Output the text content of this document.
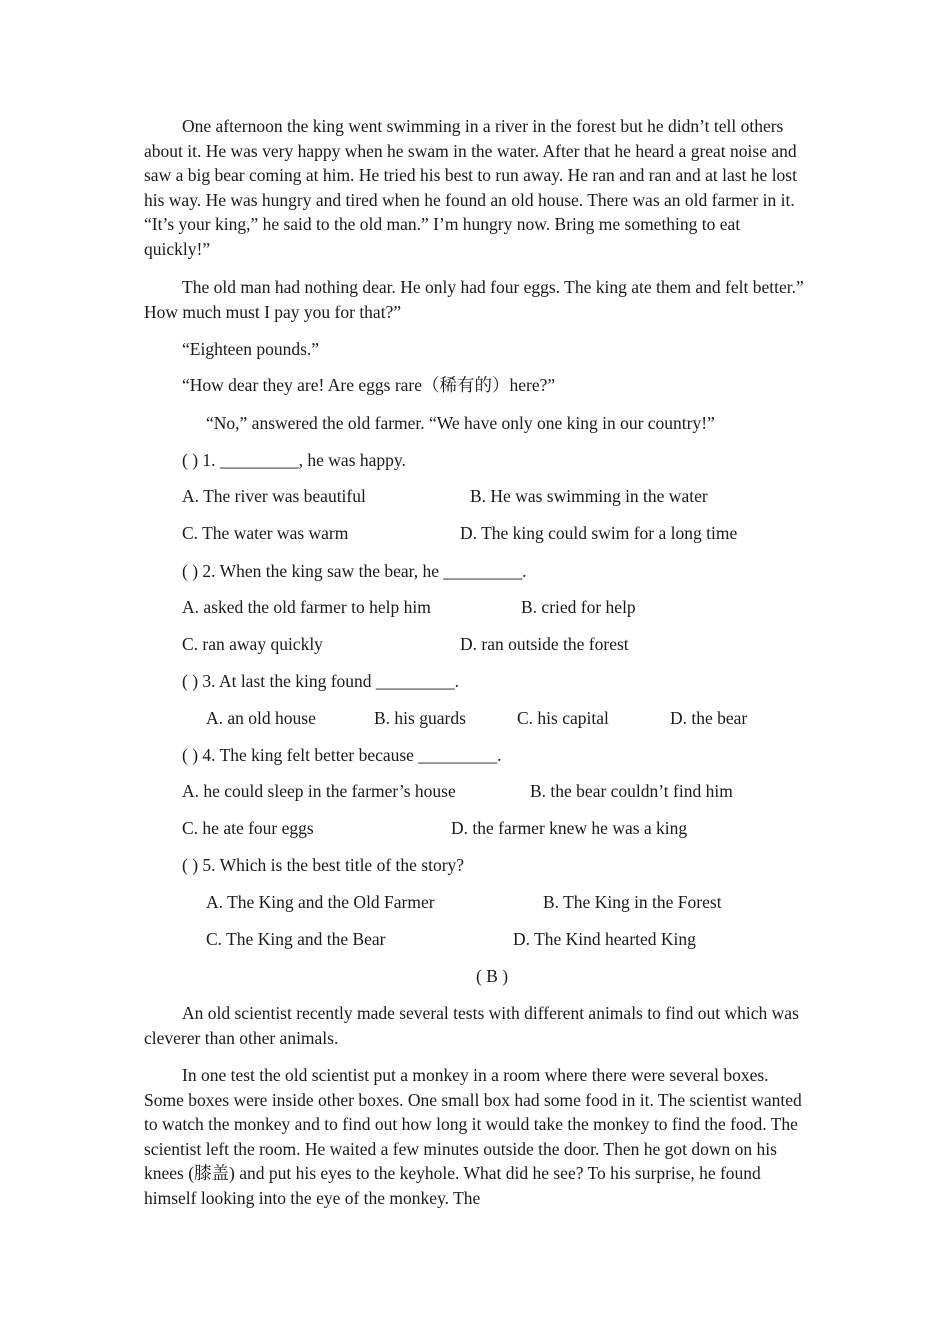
One afternoon the king went swimming in a river in the forest but he didn’t tell others about it. He was very happy when he swam in the water. After that he heard a great noise and saw a big bear coming at him. He tried his best to run away. He ran and ran and at last he lost his way. He was hungry and tired when he found an old house. There was an old farmer in it. “It’s your king,” he said to the old man.” I’m hungry now. Bring me something to eat quickly!”

The old man had nothing dear. He only had four eggs. The king ate them and felt better.” How much must I pay you for that?”

“Eighteen pounds.”

“How dear they are! Are eggs rare（稀有的）here?”

“No,” answered the old farmer. “We have only one king in our country!”

( ) 1. _________, he was happy.

A. The river was beautiful	B. He was swimming in the water

C. The water was warm	D. The king could swim for a long time

( ) 2. When the king saw the bear, he _________.

A. asked the old farmer to help him	B. cried for help

C. ran away quickly	D. ran outside the forest

( ) 3. At last the king found _________.

A. an old house	B. his guards	C. his capital	D. the bear

( ) 4. The king felt better because _________.

A. he could sleep in the farmer’s house	B. the bear couldn’t find him

C. he ate four eggs	D. the farmer knew he was a king

( ) 5. Which is the best title of the story?

A. The King and the Old Farmer	B. The King in the Forest

C. The King and the Bear	D. The Kind hearted King

( B )

An old scientist recently made several tests with different animals to find out which was cleverer than other animals.

In one test the old scientist put a monkey in a room where there were several boxes. Some boxes were inside other boxes. One small box had some food in it. The scientist wanted to watch the monkey and to find out how long it would take the monkey to find the food. The scientist left the room. He waited a few minutes outside the door. Then he got down on his knees (膝盖) and put his eyes to the keyhole. What did he see? To his surprise, he found himself looking into the eye of the monkey. The
